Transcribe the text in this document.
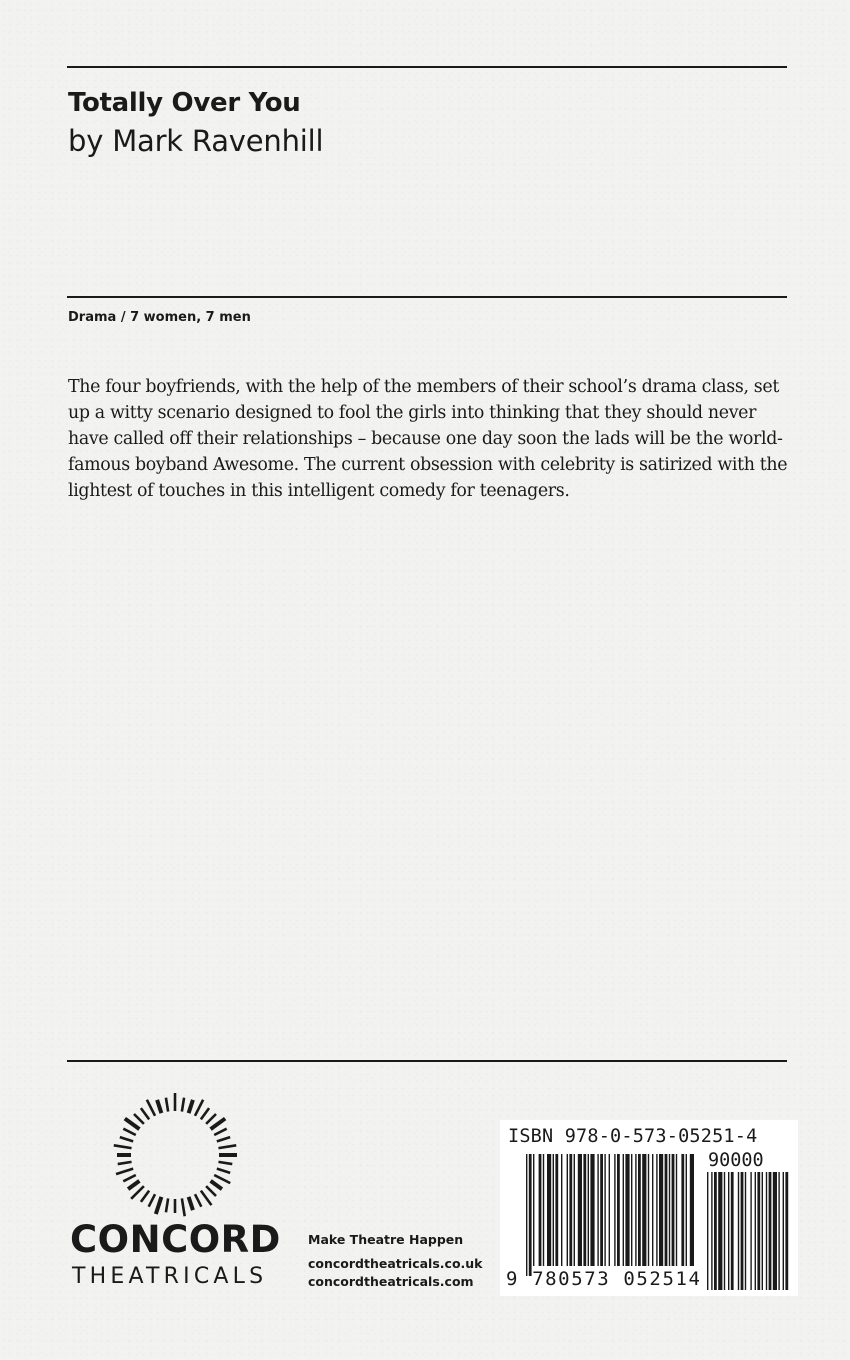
Totally Over You
by Mark Ravenhill
Drama / 7 women, 7 men
The four boyfriends, with the help of the members of their school’s drama class, set up a witty scenario designed to fool the girls into thinking that they should never have called off their relationships – because one day soon the lads will be the world-famous boyband Awesome. The current obsession with celebrity is satirized with the lightest of touches in this intelligent comedy for teenagers.
CONCORD
THEATRICALS
Make Theatre Happen
concordtheatricals.co.uk
concordtheatricals.com
ISBN 978-0-573-05251-4
90000
9 780573 052514
